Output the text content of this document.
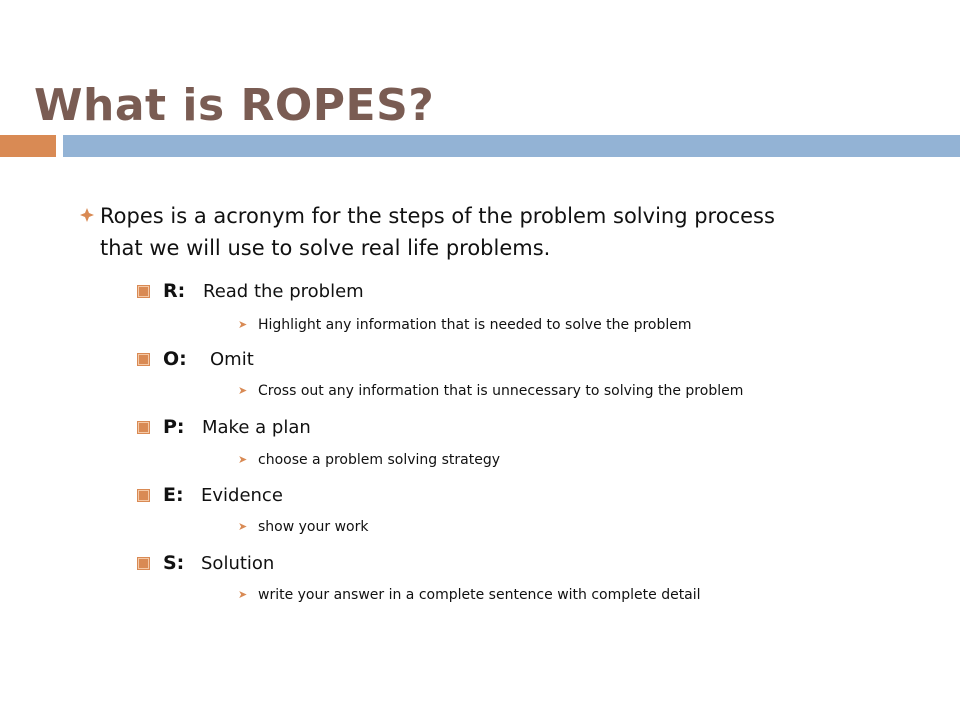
What is ROPES?
Ropes is a acronym for the steps of the problem solving process that we will use to solve real life problems.
R: Read the problem
➤ Highlight any information that is needed to solve the problem
O: Omit
➤ Cross out any information that is unnecessary to solving the problem
P: Make a plan
➤ choose a problem solving strategy
E: Evidence
➤ show your work
S: Solution
➤ write your answer in a complete sentence with complete detail
